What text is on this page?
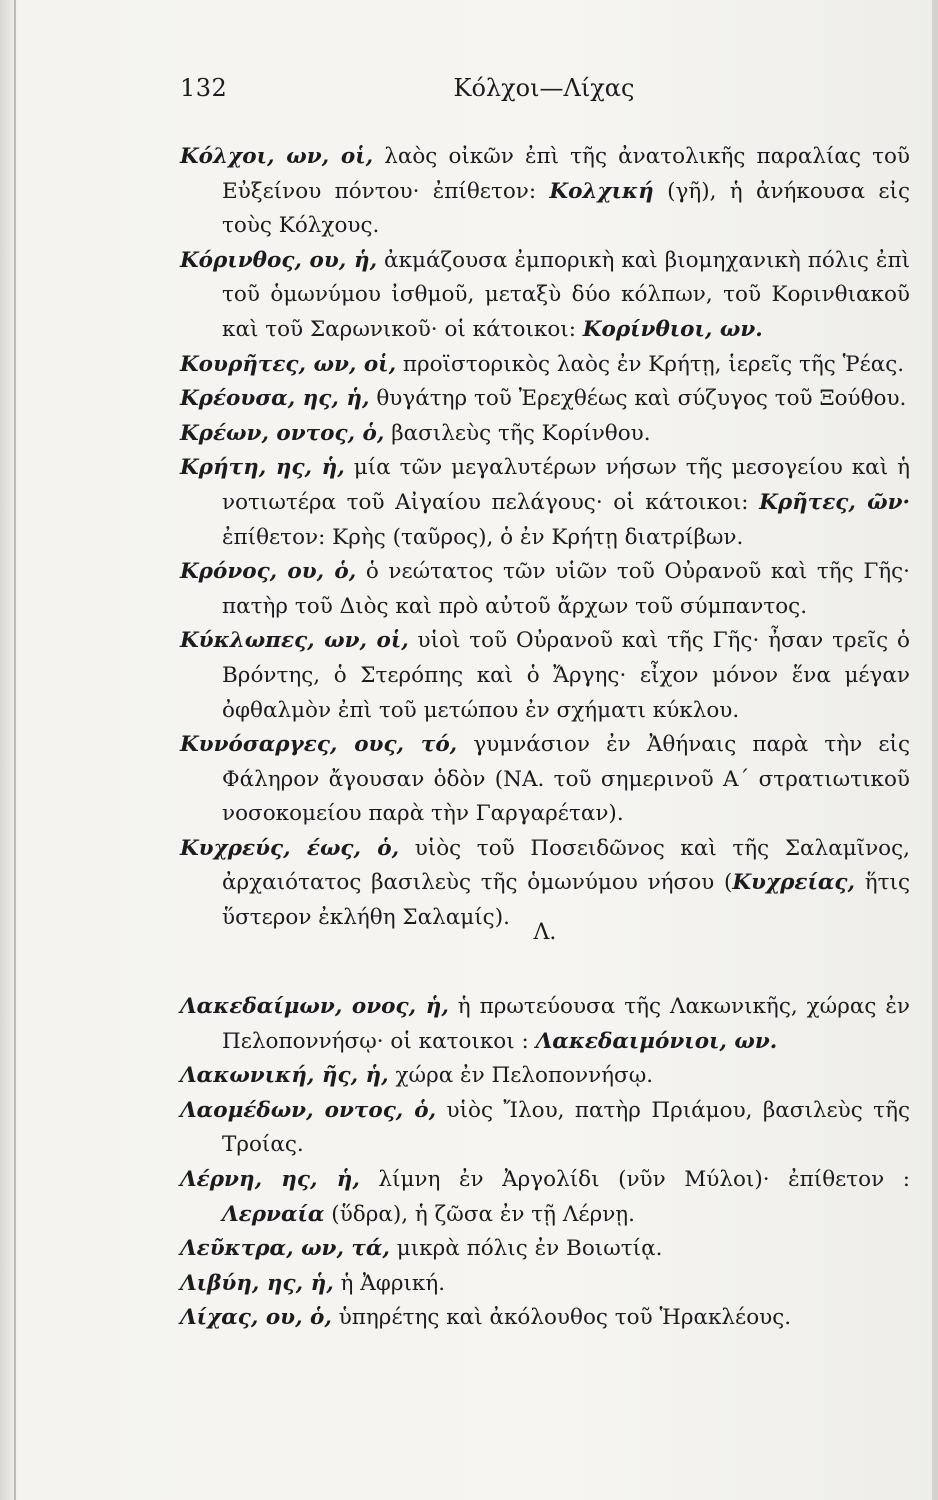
132	Κόλχοι—Λίχας
Κόλχοι, ων, οἱ, λαὸς οἰκῶν ἐπὶ τῆς ἀνατολικῆς παραλίας τοῦ Εὐξείνου πόντου· ἐπίθετον: Κολχική (γῆ), ἡ ἀνήκουσα εἰς τοὺς Κόλχους.
Κόρινθος, ου, ἡ, ἀκμάζουσα ἐμπορικὴ καὶ βιομηχανικὴ πόλις ἐπὶ τοῦ ὁμωνύμου ἰσθμοῦ, μεταξὺ δύο κόλπων, τοῦ Κορινθιακοῦ καὶ τοῦ Σαρωνικοῦ· οἱ κάτοικοι: Κορίνθιοι, ων.
Κουρῆτες, ων, οἱ, προϊστορικὸς λαὸς ἐν Κρήτῃ, ἱερεῖς τῆς Ῥέας.
Κρέουσα, ης, ἡ, θυγάτηρ τοῦ Ἐρεχθέως καὶ σύζυγος τοῦ Ξούθου.
Κρέων, οντος, ὁ, βασιλεὺς τῆς Κορίνθου.
Κρήτη, ης, ἡ, μία τῶν μεγαλυτέρων νήσων τῆς μεσογείου καὶ ἡ νοτιωτέρα τοῦ Αἰγαίου πελάγους· οἱ κάτοικοι: Κρῆτες, ῶν· ἐπίθετον: Κρὴς (ταῦρος), ὁ ἐν Κρήτῃ διατρίβων.
Κρόνος, ου, ὁ, ὁ νεώτατος τῶν υἱῶν τοῦ Οὐρανοῦ καὶ τῆς Γῆς· πατὴρ τοῦ Διὸς καὶ πρὸ αὐτοῦ ἄρχων τοῦ σύμπαντος.
Κύκλωπες, ων, οἱ, υἱοὶ τοῦ Οὐρανοῦ καὶ τῆς Γῆς· ἦσαν τρεῖς ὁ Βρόντης, ὁ Στερόπης καὶ ὁ Ἄργης· εἶχον μόνον ἕνα μέγαν ὀφθαλμὸν ἐπὶ τοῦ μετώπου ἐν σχήματι κύκλου.
Κυνόσαργες, ους, τό, γυμνάσιον ἐν Ἀθήναις παρὰ τὴν εἰς Φάληρον ἄγουσαν ὁδὸν (ΝΑ. τοῦ σημερινοῦ Α΄ στρατιωτικοῦ νοσοκομείου παρὰ τὴν Γαργαρέταν).
Κυχρεύς, έως, ὁ, υἱὸς τοῦ Ποσειδῶνος καὶ τῆς Σαλαμῖνος, ἀρχαιότατος βασιλεὺς τῆς ὁμωνύμου νήσου (Κυχρείας, ἥτις ὕστερον ἐκλήθη Σαλαμίς).
Λ.
Λακεδαίμων, ονος, ἡ, ἡ πρωτεύουσα τῆς Λακωνικῆς, χώρας ἐν Πελοποννήσῳ· οἱ κατοικοι : Λακεδαιμόνιοι, ων.
Λακωνική, ῆς, ἡ, χώρα ἐν Πελοποννήσῳ.
Λαομέδων, οντος, ὁ, υἱὸς Ἴλου, πατὴρ Πριάμου, βασιλεὺς τῆς Τροίας.
Λέρνη, ης, ἡ, λίμνη ἐν Ἀργολίδι (νῦν Μύλοι)· ἐπίθετον : Λερναία (ὕδρα), ἡ ζῶσα ἐν τῇ Λέρνῃ.
Λεῦκτρα, ων, τά, μικρὰ πόλις ἐν Βοιωτίᾳ.
Λιβύη, ης, ἡ, ἡ Ἀφρική.
Λίχας, ου, ὁ, ὑπηρέτης καὶ ἀκόλουθος τοῦ Ἡρακλέους.
